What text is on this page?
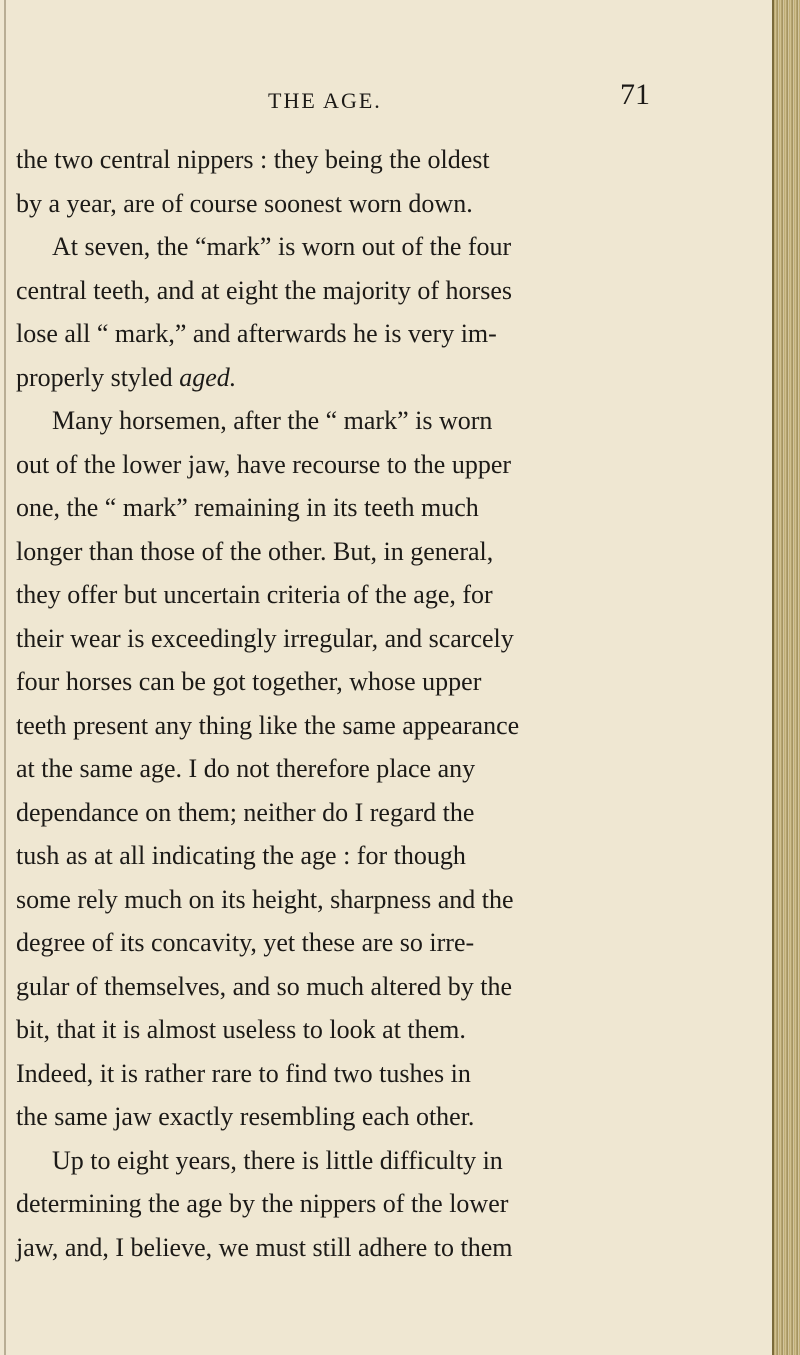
THE AGE.	71
the two central nippers : they being the oldest
by a year, are of course soonest worn down.
At seven, the “mark” is worn out of the four
central teeth, and at eight the majority of horses
lose all “ mark,” and afterwards he is very im-
properly styled aged.
Many horsemen, after the “ mark” is worn
out of the lower jaw, have recourse to the upper
one, the “ mark” remaining in its teeth much
longer than those of the other. But, in general,
they offer but uncertain criteria of the age, for
their wear is exceedingly irregular, and scarcely
four horses can be got together, whose upper
teeth present any thing like the same appearance
at the same age. I do not therefore place any
dependance on them; neither do I regard the
tush as at all indicating the age : for though
some rely much on its height, sharpness and the
degree of its concavity, yet these are so irre-
gular of themselves, and so much altered by the
bit, that it is almost useless to look at them.
Indeed, it is rather rare to find two tushes in
the same jaw exactly resembling each other.
Up to eight years, there is little difficulty in
determining the age by the nippers of the lower
jaw, and, I believe, we must still adhere to them
